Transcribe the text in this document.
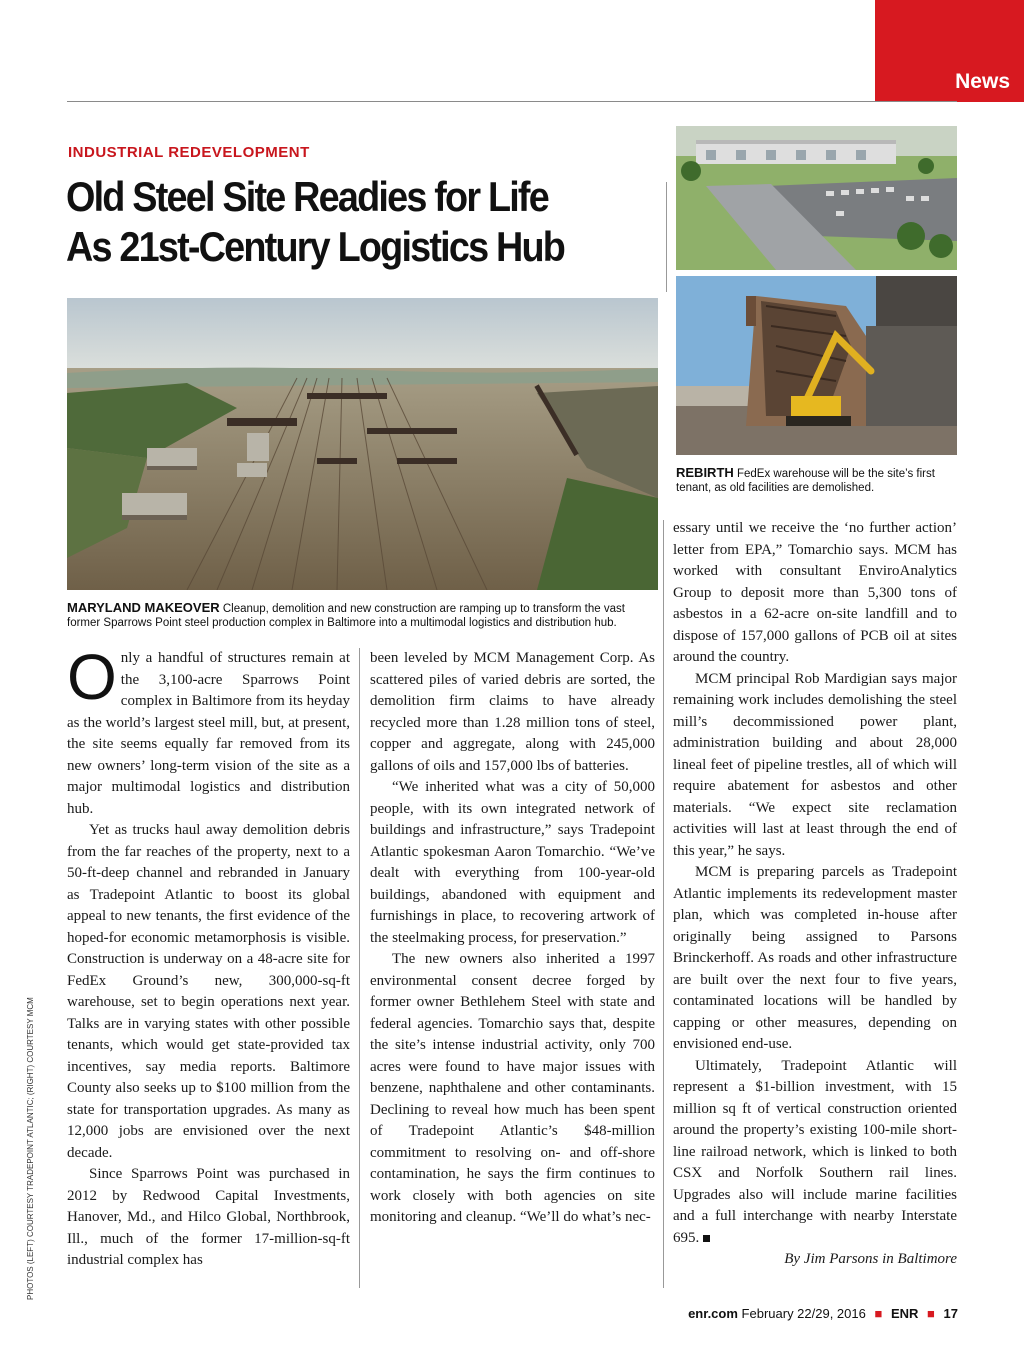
News
INDUSTRIAL REDEVELOPMENT
Old Steel Site Readies for Life
As 21st-Century Logistics Hub
MARYLAND MAKEOVER Cleanup, demolition and new construction are ramping up to transform the vast former Sparrows Point steel production complex in Baltimore into a multimodal logistics and distribution hub.
REBIRTH FedEx warehouse will be the site’s first tenant, as old facilities are demolished.
PHOTOS (LEFT) COURTESY TRADEPOINT ATLANTIC; (RIGHT) COURTESY MCM

Only a handful of structures remain at the 3,100-acre Sparrows Point complex in Baltimore from its heyday as the world’s largest steel mill, but, at present, the site seems equally far removed from its new owners’ long-term vision of the site as a major multimodal logistics and distribution hub.

Yet as trucks haul away demolition debris from the far reaches of the property, next to a 50-ft-deep channel and rebranded in January as Tradepoint Atlantic to boost its global appeal to new tenants, the first evidence of the hoped-for economic metamorphosis is visible. Construction is underway on a 48-acre site for FedEx Ground’s new, 300,000-sq-ft warehouse, set to begin operations next year. Talks are in varying states with other possible tenants, which would get state-provided tax incentives, say media reports. Baltimore County also seeks up to $100 million from the state for transportation upgrades. As many as 12,000 jobs are envisioned over the next decade.

Since Sparrows Point was purchased in 2012 by Redwood Capital Investments, Hanover, Md., and Hilco Global, Northbrook, Ill., much of the former 17-million-sq-ft industrial complex has

been leveled by MCM Management Corp. As scattered piles of varied debris are sorted, the demolition firm claims to have already recycled more than 1.28 million tons of steel, copper and aggregate, along with 245,000 gallons of oils and 157,000 lbs of batteries.

“We inherited what was a city of 50,000 people, with its own integrated network of buildings and infrastructure,” says Tradepoint Atlantic spokesman Aaron Tomarchio. “We’ve dealt with everything from 100-year-old buildings, abandoned with equipment and furnishings in place, to recovering artwork of the steelmaking process, for preservation.”

The new owners also inherited a 1997 environmental consent decree forged by former owner Bethlehem Steel with state and federal agencies. Tomarchio says that, despite the site’s intense industrial activity, only 700 acres were found to have major issues with benzene, naphthalene and other contaminants. Declining to reveal how much has been spent of Tradepoint Atlantic’s $48-million commitment to resolving on- and off-shore contamination, he says the firm continues to work closely with both agencies on site monitoring and cleanup. “We’ll do what’s nec-

essary until we receive the ‘no further action’ letter from EPA,” Tomarchio says. MCM has worked with consultant EnviroAnalytics Group to deposit more than 5,300 tons of asbestos in a 62-acre on-site landfill and to dispose of 157,000 gallons of PCB oil at sites around the country.

MCM principal Rob Mardigian says major remaining work includes demolishing the steel mill’s decommissioned power plant, administration building and about 28,000 lineal feet of pipeline trestles, all of which will require abatement for asbestos and other materials. “We expect site reclamation activities will last at least through the end of this year,” he says.

MCM is preparing parcels as Tradepoint Atlantic implements its redevelopment master plan, which was completed in-house after originally being assigned to Parsons Brinckerhoff. As roads and other infrastructure are built over the next four to five years, contaminated locations will be handled by capping or other measures, depending on envisioned end-use.

Ultimately, Tradepoint Atlantic will represent a $1-billion investment, with 15 million sq ft of vertical construction oriented around the property’s existing 100-mile short-line railroad network, which is linked to both CSX and Norfolk Southern rail lines. Upgrades also will include marine facilities and a full interchange with nearby Interstate 695.

By Jim Parsons in Baltimore

enr.com February 22/29, 2016 ■ ENR ■ 17
